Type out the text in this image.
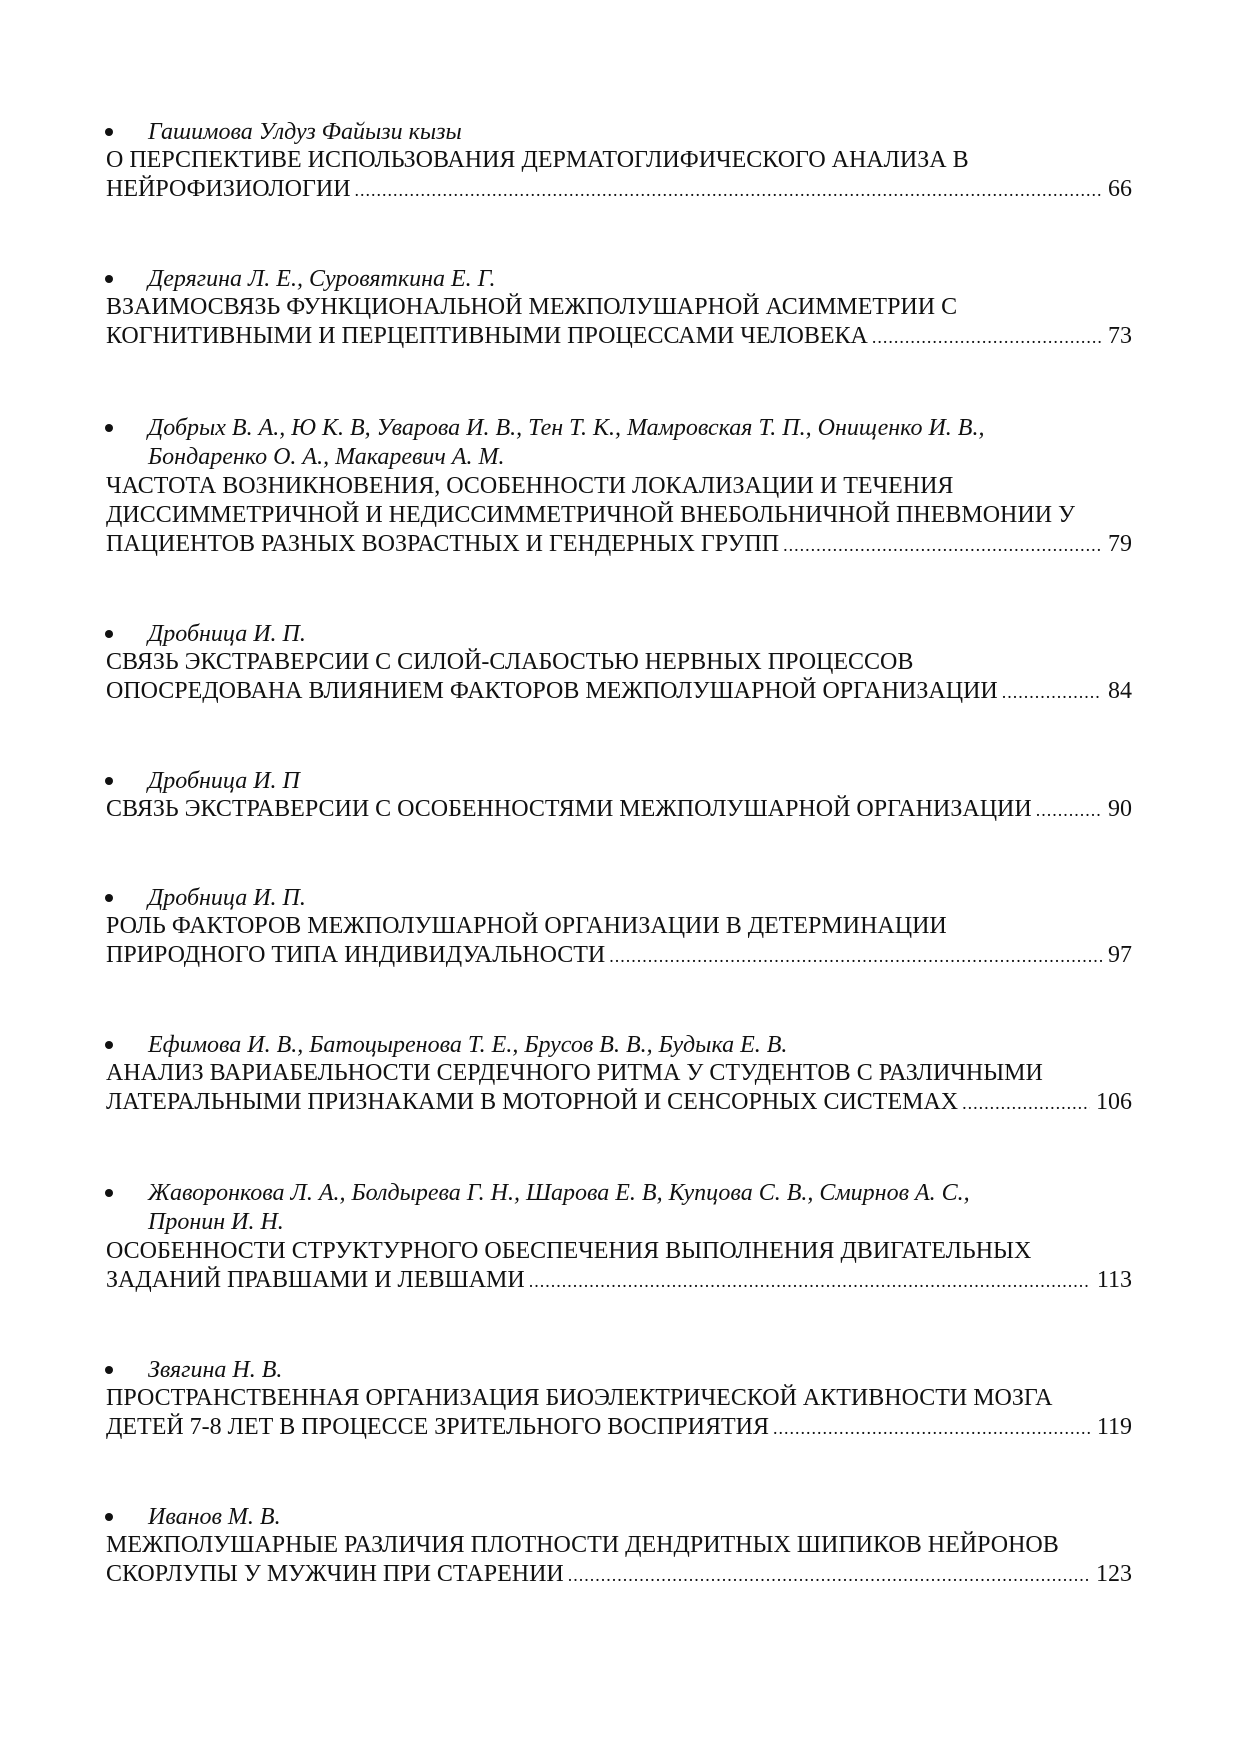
Гашимова Улдуз Файызи кызы
О ПЕРСПЕКТИВЕ ИСПОЛЬЗОВАНИЯ ДЕРМАТОГЛИФИЧЕСКОГО АНАЛИЗА В
НЕЙРОФИЗИОЛОГИИ .....	66
Дерягина Л. Е., Суровяткина Е. Г.
ВЗАИМОСВЯЗЬ ФУНКЦИОНАЛЬНОЙ МЕЖПОЛУШАРНОЙ АСИММЕТРИИ С
КОГНИТИВНЫМИ И ПЕРЦЕПТИВНЫМИ ПРОЦЕССАМИ ЧЕЛОВЕКА .....	73
Добрых В. А., Ю К. В, Уварова И. В., Тен Т. К., Мамровская Т. П., Онищенко И. В.,
Бондаренко О. А., Макаревич А. М.
ЧАСТОТА ВОЗНИКНОВЕНИЯ, ОСОБЕННОСТИ ЛОКАЛИЗАЦИИ И ТЕЧЕНИЯ
ДИССИММЕТРИЧНОЙ И НЕДИССИММЕТРИЧНОЙ ВНЕБОЛЬНИЧНОЙ ПНЕВМОНИИ У
ПАЦИЕНТОВ РАЗНЫХ ВОЗРАСТНЫХ И ГЕНДЕРНЫХ ГРУПП .....	79
Дробница И. П.
СВЯЗЬ ЭКСТРАВЕРСИИ С СИЛОЙ-СЛАБОСТЬЮ НЕРВНЫХ ПРОЦЕССОВ
ОПОСРЕДОВАНА ВЛИЯНИЕМ ФАКТОРОВ МЕЖПОЛУШАРНОЙ ОРГАНИЗАЦИИ .....	84
Дробница И. П
СВЯЗЬ ЭКСТРАВЕРСИИ С ОСОБЕННОСТЯМИ МЕЖПОЛУШАРНОЙ ОРГАНИЗАЦИИ .....	90
Дробница И. П.
РОЛЬ ФАКТОРОВ МЕЖПОЛУШАРНОЙ ОРГАНИЗАЦИИ В ДЕТЕРМИНАЦИИ
ПРИРОДНОГО ТИПА ИНДИВИДУАЛЬНОСТИ .....	97
Ефимова И. В., Батоцыренова Т. Е., Брусов В. В., Будыка Е. В.
АНАЛИЗ ВАРИАБЕЛЬНОСТИ СЕРДЕЧНОГО РИТМА У СТУДЕНТОВ С РАЗЛИЧНЫМИ
ЛАТЕРАЛЬНЫМИ ПРИЗНАКАМИ В МОТОРНОЙ И СЕНСОРНЫХ СИСТЕМАХ .....	106
Жаворонкова Л. А., Болдырева Г. Н., Шарова Е. В, Купцова С. В., Смирнов А. С.,
Пронин И. Н.
ОСОБЕННОСТИ СТРУКТУРНОГО ОБЕСПЕЧЕНИЯ ВЫПОЛНЕНИЯ ДВИГАТЕЛЬНЫХ
ЗАДАНИЙ ПРАВШАМИ И ЛЕВШАМИ .....	113
Звягина Н. В.
ПРОСТРАНСТВЕННАЯ ОРГАНИЗАЦИЯ БИОЭЛЕКТРИЧЕСКОЙ АКТИВНОСТИ МОЗГА
ДЕТЕЙ 7-8 ЛЕТ В ПРОЦЕССЕ ЗРИТЕЛЬНОГО ВОСПРИЯТИЯ .....	119
Иванов М. В.
МЕЖПОЛУШАРНЫЕ РАЗЛИЧИЯ ПЛОТНОСТИ ДЕНДРИТНЫХ ШИПИКОВ НЕЙРОНОВ
СКОРЛУПЫ У МУЖЧИН ПРИ СТАРЕНИИ .....	123
